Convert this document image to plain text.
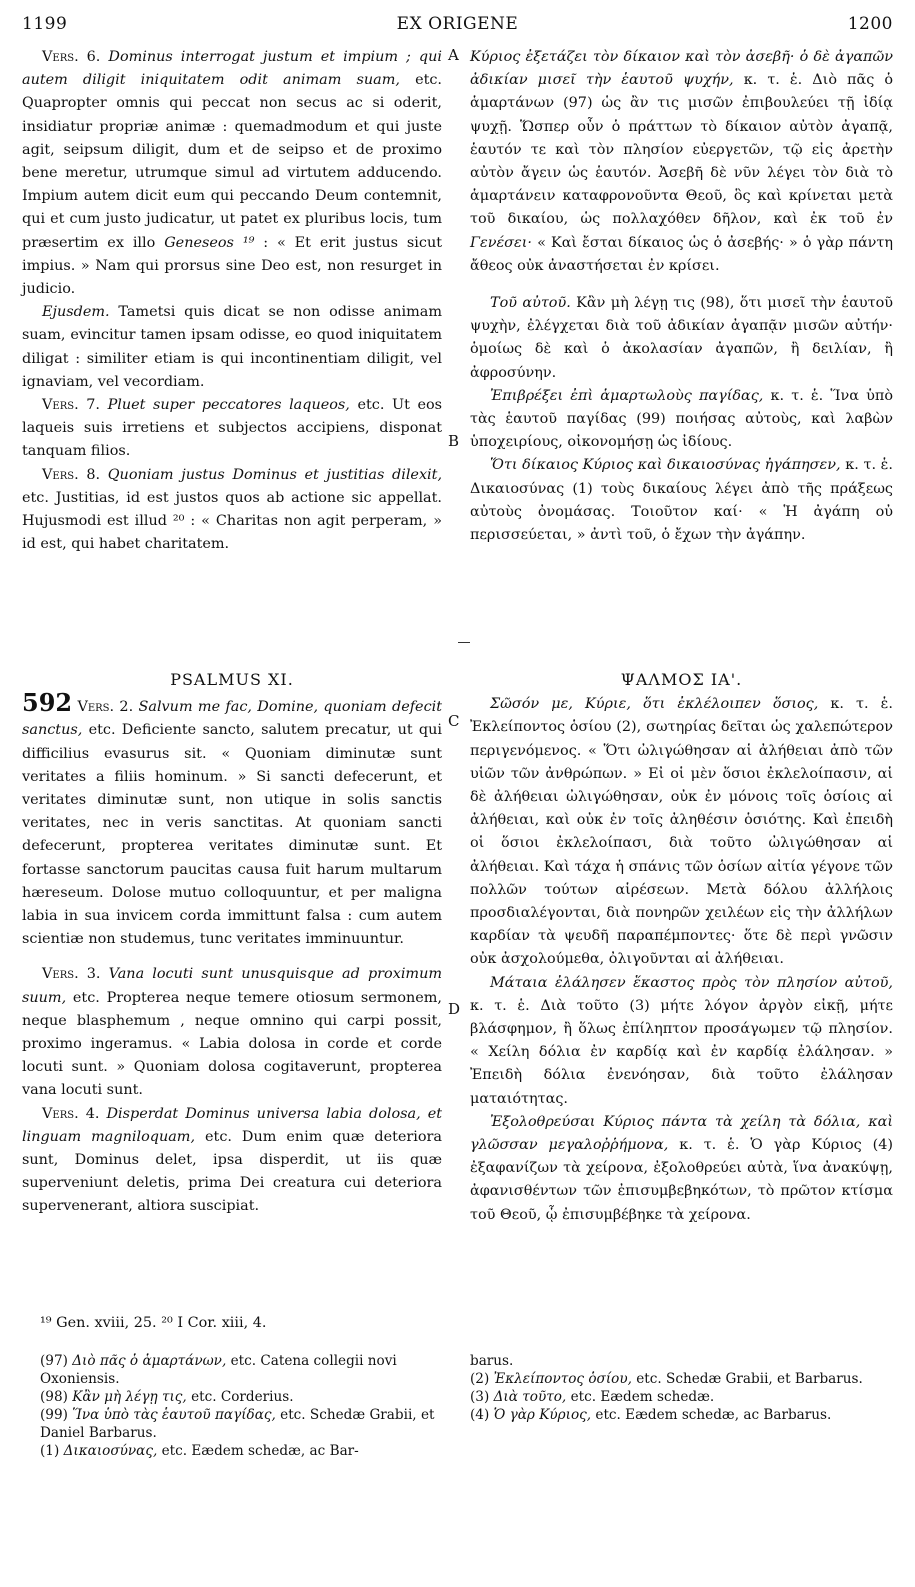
1199	EX ORIGENE	1200
A
B
C
D

Vers. 6. Dominus interrogat justum et impium ; qui autem diligit iniquitatem odit animam suam, etc. Quapropter omnis qui peccat non secus ac si oderit, insidiatur propriæ animæ : quemadmodum et qui juste agit, seipsum diligit, dum et de seipso et de proximo bene meretur, utrumque simul ad virtutem adducendo. Impium autem dicit eum qui peccando Deum contemnit, qui et cum justo judicatur, ut patet ex pluribus locis, tum præsertim ex illo Geneseos ¹⁹ : « Et erit justus sicut impius. » Nam qui prorsus sine Deo est, non resurget in judicio.

Ejusdem. Tametsi quis dicat se non odisse animam suam, evincitur tamen ipsam odisse, eo quod iniquitatem diligat : similiter etiam is qui incontinentiam diligit, vel ignaviam, vel vecordiam.

Vers. 7. Pluet super peccatores laqueos, etc. Ut eos laqueis suis irretiens et subjectos accipiens, disponat tanquam filios.

Vers. 8. Quoniam justus Dominus et justitias dilexit, etc. Justitias, id est justos quos ab actione sic appellat. Hujusmodi est illud ²⁰ : « Charitas non agit perperam, » id est, qui habet charitatem.

Κύριος ἐξετάζει τὸν δίκαιον καὶ τὸν ἀσεβῆ· ὁ δὲ ἀγαπῶν ἀδικίαν μισεῖ τὴν ἑαυτοῦ ψυχήν, κ. τ. ἑ. Διὸ πᾶς ὁ ἁμαρτάνων (97) ὡς ἂν τις μισῶν ἐπιβουλεύει τῇ ἰδίᾳ ψυχῇ. Ὥσπερ οὖν ὁ πράττων τὸ δίκαιον αὐτὸν ἀγαπᾷ, ἑαυτόν τε καὶ τὸν πλησίον εὐεργετῶν, τῷ εἰς ἀρετὴν αὐτὸν ἄγειν ὡς ἑαυτόν. Ἀσεβῆ δὲ νῦν λέγει τὸν διὰ τὸ ἁμαρτάνειν καταφρονοῦντα Θεοῦ, ὃς καὶ κρίνεται μετὰ τοῦ δικαίου, ὡς πολλαχόθεν δῆλον, καὶ ἐκ τοῦ ἐν Γενέσει· « Καὶ ἔσται δίκαιος ὡς ὁ ἀσεβής· » ὁ γὰρ πάντη ἄθεος οὐκ ἀναστήσεται ἐν κρίσει.

Τοῦ αὐτοῦ. Κἂν μὴ λέγῃ τις (98), ὅτι μισεῖ τὴν ἑαυτοῦ ψυχὴν, ἐλέγχεται διὰ τοῦ ἀδικίαν ἀγαπᾷν μισῶν αὐτήν· ὁμοίως δὲ καὶ ὁ ἀκολασίαν ἀγαπῶν, ἢ δειλίαν, ἢ ἀφροσύνην.

Ἐπιβρέξει ἐπὶ ἁμαρτωλοὺς παγίδας, κ. τ. ἑ. Ἵνα ὑπὸ τὰς ἑαυτοῦ παγίδας (99) ποιήσας αὐτοὺς, καὶ λαβὼν ὑποχειρίους, οἰκονομήσῃ ὡς ἰδίους.

Ὅτι δίκαιος Κύριος καὶ δικαιοσύνας ἠγάπησεν, κ. τ. ἑ. Δικαιοσύνας (1) τοὺς δικαίους λέγει ἀπὸ τῆς πράξεως αὐτοὺς ὀνομάσας. Τοιοῦτον καί· « Ἡ ἀγάπη οὐ περισσεύεται, » ἀντὶ τοῦ, ὁ ἔχων τὴν ἀγάπην.

PSALMUS XI.

592 Vers. 2. Salvum me fac, Domine, quoniam defecit sanctus, etc. Deficiente sancto, salutem precatur, ut qui difficilius evasurus sit. « Quoniam diminutæ sunt veritates a filiis hominum. » Si sancti defecerunt, et veritates diminutæ sunt, non utique in solis sanctis veritates, nec in veris sanctitas. At quoniam sancti defecerunt, propterea veritates diminutæ sunt. Et fortasse sanctorum paucitas causa fuit harum multarum hæreseum. Dolose mutuo colloquuntur, et per maligna labia in sua invicem corda immittunt falsa : cum autem scientiæ non studemus, tunc veritates imminuuntur.

Vers. 3. Vana locuti sunt unusquisque ad proximum suum, etc. Propterea neque temere otiosum sermonem, neque blasphemum , neque omnino qui carpi possit, proximo ingeramus. « Labia dolosa in corde et corde locuti sunt. » Quoniam dolosa cogitaverunt, propterea vana locuti sunt.

Vers. 4. Disperdat Dominus universa labia dolosa, et linguam magniloquam, etc. Dum enim quæ deteriora sunt, Dominus delet, ipsa disperdit, ut iis quæ superveniunt deletis, prima Dei creatura cui deteriora supervenerant, altiora suscipiat.

ΨΑΛΜΟΣ ΙΑ'.

Σῶσόν με, Κύριε, ὅτι ἐκλέλοιπεν ὅσιος, κ. τ. ἑ. Ἐκλείποντος ὁσίου (2), σωτηρίας δεῖται ὡς χαλεπώτερον περιγενόμενος. « Ὅτι ὠλιγώθησαν αἱ ἀλήθειαι ἀπὸ τῶν υἱῶν τῶν ἀνθρώπων. » Εἰ οἱ μὲν ὅσιοι ἐκλελοίπασιν, αἱ δὲ ἀλήθειαι ὠλιγώθησαν, οὐκ ἐν μόνοις τοῖς ὁσίοις αἱ ἀλήθειαι, καὶ οὐκ ἐν τοῖς ἀληθέσιν ὁσιότης. Καὶ ἐπειδὴ οἱ ὅσιοι ἐκλελοίπασι, διὰ τοῦτο ὠλιγώθησαν αἱ ἀλήθειαι. Καὶ τάχα ἡ σπάνις τῶν ὁσίων αἰτία γέγονε τῶν πολλῶν τούτων αἱρέσεων. Μετὰ δόλου ἀλλήλοις προσδιαλέγονται, διὰ πονηρῶν χειλέων εἰς τὴν ἀλλήλων καρδίαν τὰ ψευδῆ παραπέμποντες· ὅτε δὲ περὶ γνῶσιν οὐκ ἀσχολούμεθα, ὀλιγοῦνται αἱ ἀλήθειαι.

Μάταια ἐλάλησεν ἕκαστος πρὸς τὸν πλησίον αὐτοῦ, κ. τ. ἑ. Διὰ τοῦτο (3) μήτε λόγον ἀργὸν εἰκῇ, μήτε βλάσφημον, ἢ ὅλως ἐπίληπτον προσάγωμεν τῷ πλησίον. « Χείλη δόλια ἐν καρδίᾳ καὶ ἐν καρδίᾳ ἐλάλησαν. » Ἐπειδὴ δόλια ἐνενόησαν, διὰ τοῦτο ἐλάλησαν ματαιότητας.

Ἐξολοθρεύσαι Κύριος πάντα τὰ χείλη τὰ δόλια, καὶ γλῶσσαν μεγαλοῤῥήμονα, κ. τ. ἑ. Ὁ γὰρ Κύριος (4) ἐξαφανίζων τὰ χείρονα, ἐξολοθρεύει αὐτὰ, ἵνα ἀνακύψῃ, ἀφανισθέντων τῶν ἐπισυμβεβηκότων, τὸ πρῶτον κτίσμα τοῦ Θεοῦ, ᾧ ἐπισυμβέβηκε τὰ χείρονα.

¹⁹ Gen. xviii, 25. ²⁰ I Cor. xiii, 4.
(97) Διὸ πᾶς ὁ ἁμαρτάνων, etc. Catena collegii novi Oxoniensis.
(98) Κἂν μὴ λέγῃ τις, etc. Corderius.
(99) Ἵνα ὑπὸ τὰς ἑαυτοῦ παγίδας, etc. Schedæ Grabii, et Daniel Barbarus.
(1) Δικαιοσύνας, etc. Eædem schedæ, ac Bar-
barus.
(2) Ἐκλείποντος ὁσίου, etc. Schedæ Grabii, et Barbarus.
(3) Διὰ τοῦτο, etc. Eædem schedæ.
(4) Ὁ γὰρ Κύριος, etc. Eædem schedæ, ac Barbarus.
